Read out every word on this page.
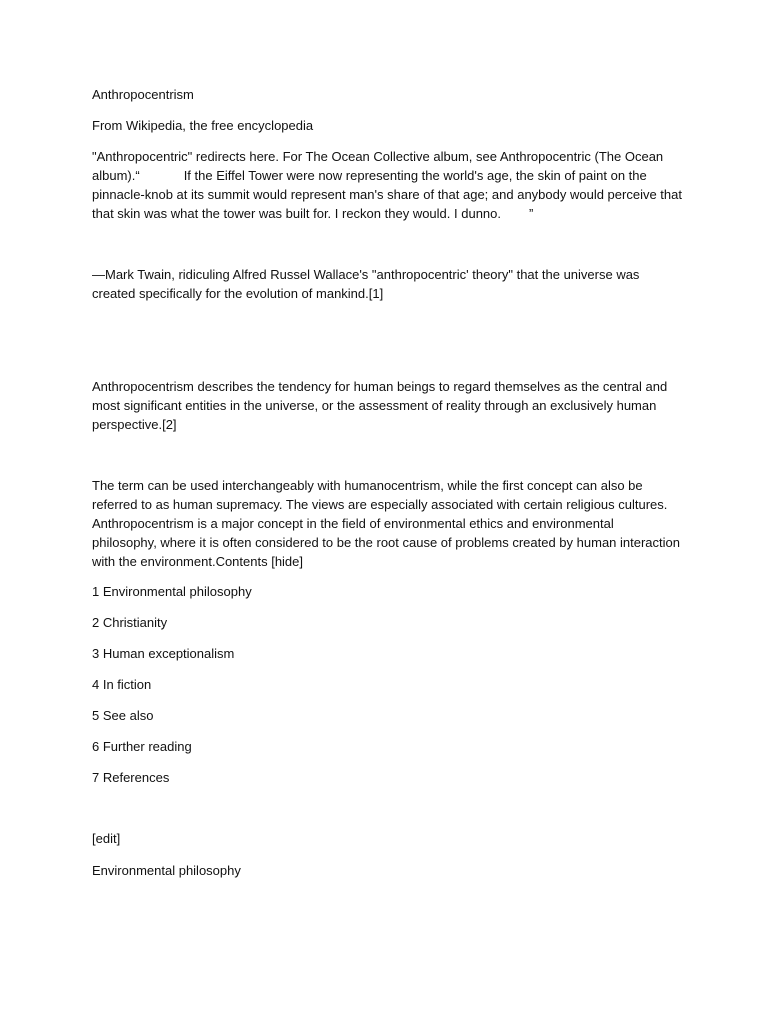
Anthropocentrism

From Wikipedia, the free encyclopedia

"Anthropocentric" redirects here. For The Ocean Collective album, see Anthropocentric (The Ocean album).“	If the Eiffel Tower were now representing the world's age, the skin of paint on the pinnacle-knob at its summit would represent man's share of that age; and anybody would perceive that that skin was what the tower was built for. I reckon they would. I dunno. ”

—Mark Twain, ridiculing Alfred Russel Wallace's "anthropocentric' theory" that the universe was created specifically for the evolution of mankind.[1]

Anthropocentrism describes the tendency for human beings to regard themselves as the central and most significant entities in the universe, or the assessment of reality through an exclusively human perspective.[2]

The term can be used interchangeably with humanocentrism, while the first concept can also be referred to as human supremacy. The views are especially associated with certain religious cultures. Anthropocentrism is a major concept in the field of environmental ethics and environmental philosophy, where it is often considered to be the root cause of problems created by human interaction with the environment.Contents [hide]

1 Environmental philosophy

2 Christianity

3 Human exceptionalism

4 In fiction

5 See also

6 Further reading

7 References

[edit]

Environmental philosophy
